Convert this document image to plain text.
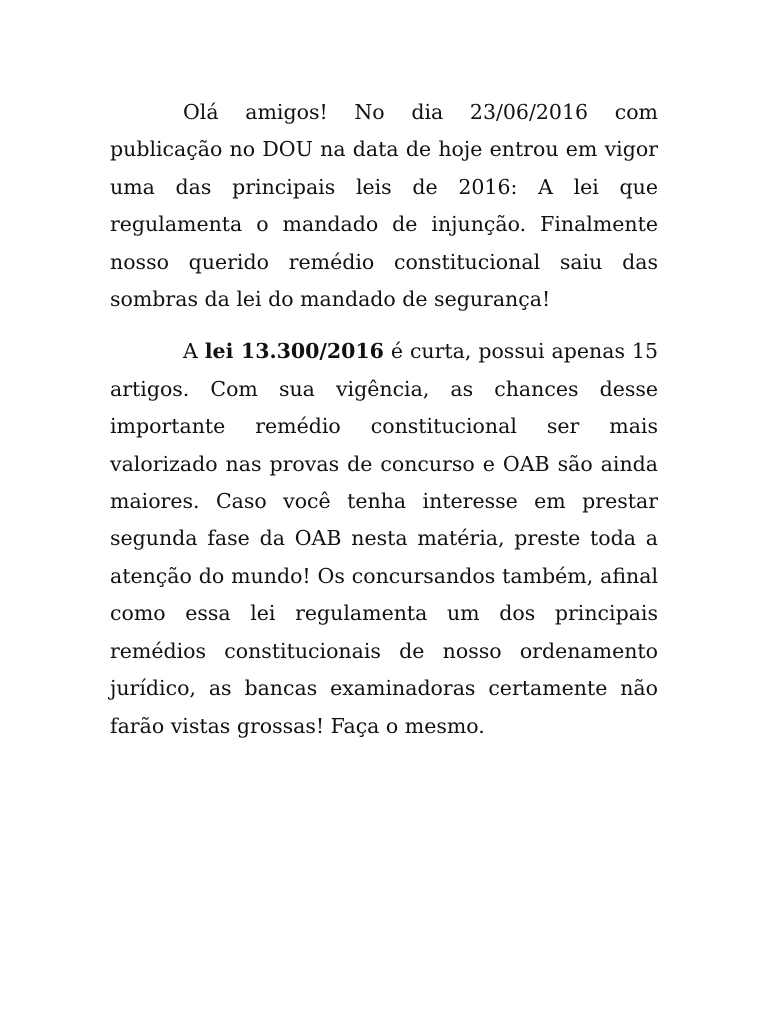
Olá amigos! No dia 23/06/2016 com publicação no DOU na data de hoje entrou em vigor uma das principais leis de 2016: A lei que regulamenta o mandado de injunção. Finalmente nosso querido remédio constitucional saiu das sombras da lei do mandado de segurança!

A lei 13.300/2016 é curta, possui apenas 15 artigos. Com sua vigência, as chances desse importante remédio constitucional ser mais valorizado nas provas de concurso e OAB são ainda maiores. Caso você tenha interesse em prestar segunda fase da OAB nesta matéria, preste toda a atenção do mundo! Os concursandos também, afinal como essa lei regulamenta um dos principais remédios constitucionais de nosso ordenamento jurídico, as bancas examinadoras certamente não farão vistas grossas! Faça o mesmo.
